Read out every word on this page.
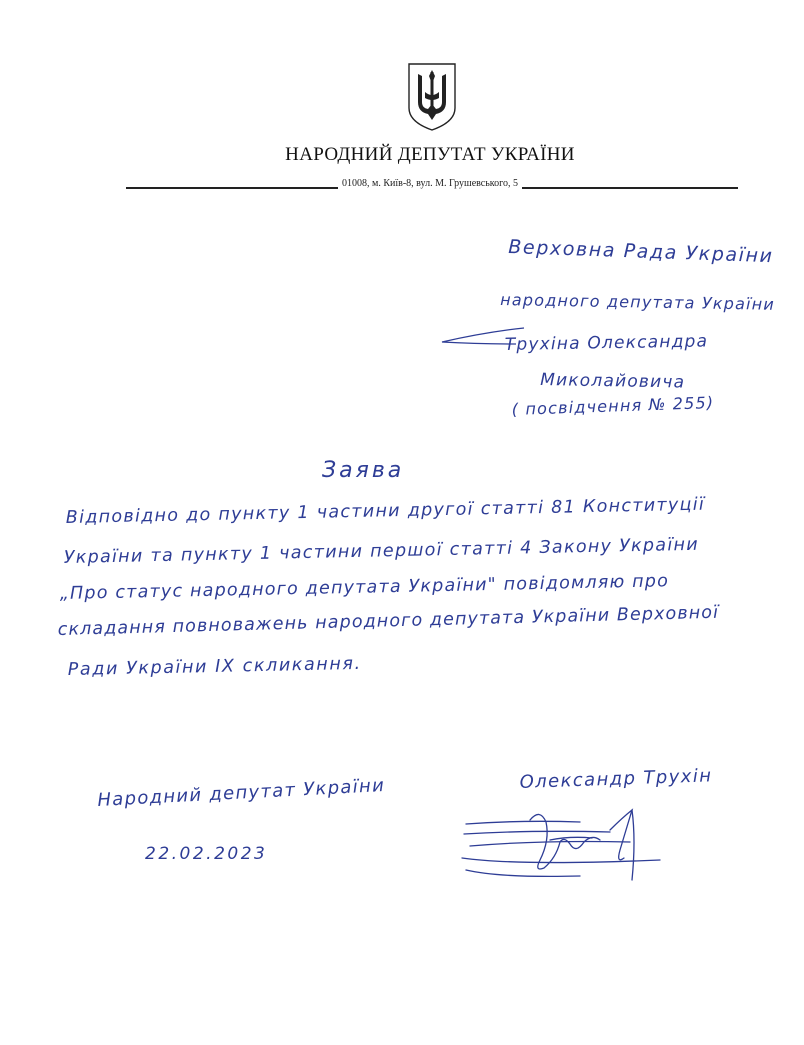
НАРОДНИЙ ДЕПУТАТ УКРАЇНИ
01008, м. Київ-8, вул. М. Грушевського, 5
Верховна Рада України
народного депутата України
Трухіна Олександра
Миколайовича
( посвідчення № 255)
Заява
Відповідно до пункту 1 частини другої статті 81 Конституції
України та пункту 1 частини першої статті 4 Закону України
„Про статус народного депутата України" повідомляю про
складання повноважень народного депутата України Верховної
Ради України IX скликання.
Народний депутат України
22.02.2023
Олександр Трухін
